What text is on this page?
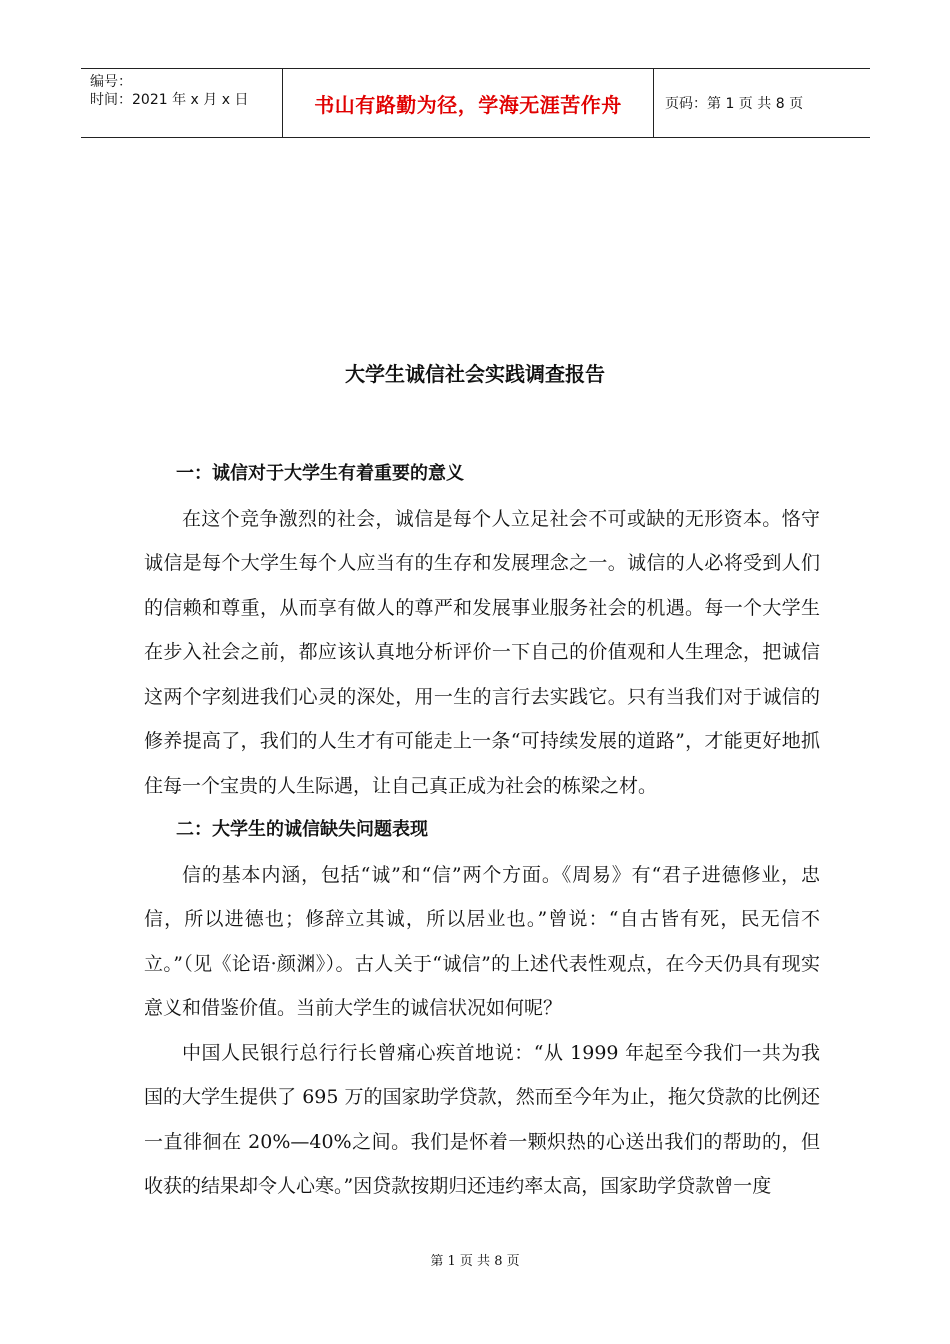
编号：
时间：2021 年 x 月 x 日	书山有路勤为径，学海无涯苦作舟	页码：第 1 页 共 8 页
大学生诚信社会实践调查报告
一：诚信对于大学生有着重要的意义

在这个竞争激烈的社会，诚信是每个人立足社会不可或缺的无形资本。恪守诚信是每个大学生每个人应当有的生存和发展理念之一。诚信的人必将受到人们的信赖和尊重，从而享有做人的尊严和发展事业服务社会的机遇。每一个大学生在步入社会之前，都应该认真地分析评价一下自己的价值观和人生理念，把诚信这两个字刻进我们心灵的深处，用一生的言行去实践它。只有当我们对于诚信的修养提高了，我们的人生才有可能走上一条“可持续发展的道路”，才能更好地抓住每一个宝贵的人生际遇，让自己真正成为社会的栋梁之材。

二：大学生的诚信缺失问题表现

信的基本内涵，包括“诚”和“信”两个方面。《周易》有“君子进德修业，忠信，所以进德也；修辞立其诚，所以居业也。”曾说：“自古皆有死，民无信不立。”（见《论语·颜渊》）。古人关于“诚信”的上述代表性观点，在今天仍具有现实意义和借鉴价值。当前大学生的诚信状况如何呢？

中国人民银行总行行长曾痛心疾首地说：“从 1999 年起至今我们一共为我国的大学生提供了 695 万的国家助学贷款，然而至今年为止，拖欠贷款的比例还一直徘徊在 20%—40%之间。我们是怀着一颗炽热的心送出我们的帮助的，但收获的结果却令人心寒。”因贷款按期归还违约率太高，国家助学贷款曾一度

第 1 页 共 8 页
